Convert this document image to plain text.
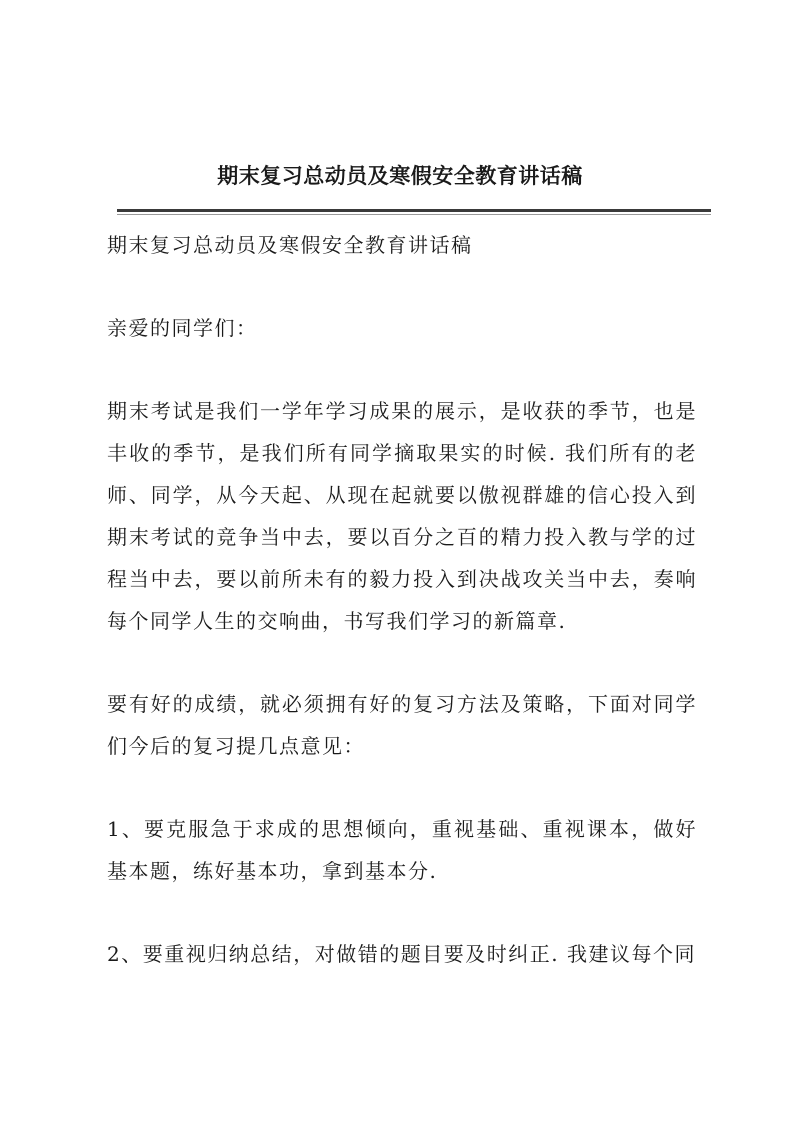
期末复习总动员及寒假安全教育讲话稿

期末复习总动员及寒假安全教育讲话稿

亲爱的同学们：

期末考试是我们一学年学习成果的展示，是收获的季节，也是丰收的季节，是我们所有同学摘取果实的时候. 我们所有的老师、同学，从今天起、从现在起就要以傲视群雄的信心投入到期末考试的竞争当中去，要以百分之百的精力投入教与学的过程当中去，要以前所未有的毅力投入到决战攻关当中去，奏响每个同学人生的交响曲，书写我们学习的新篇章.

要有好的成绩，就必须拥有好的复习方法及策略，下面对同学们今后的复习提几点意见：

1、要克服急于求成的思想倾向，重视基础、重视课本，做好基本题，练好基本功，拿到基本分.

2、要重视归纳总结，对做错的题目要及时纠正. 我建议每个同
